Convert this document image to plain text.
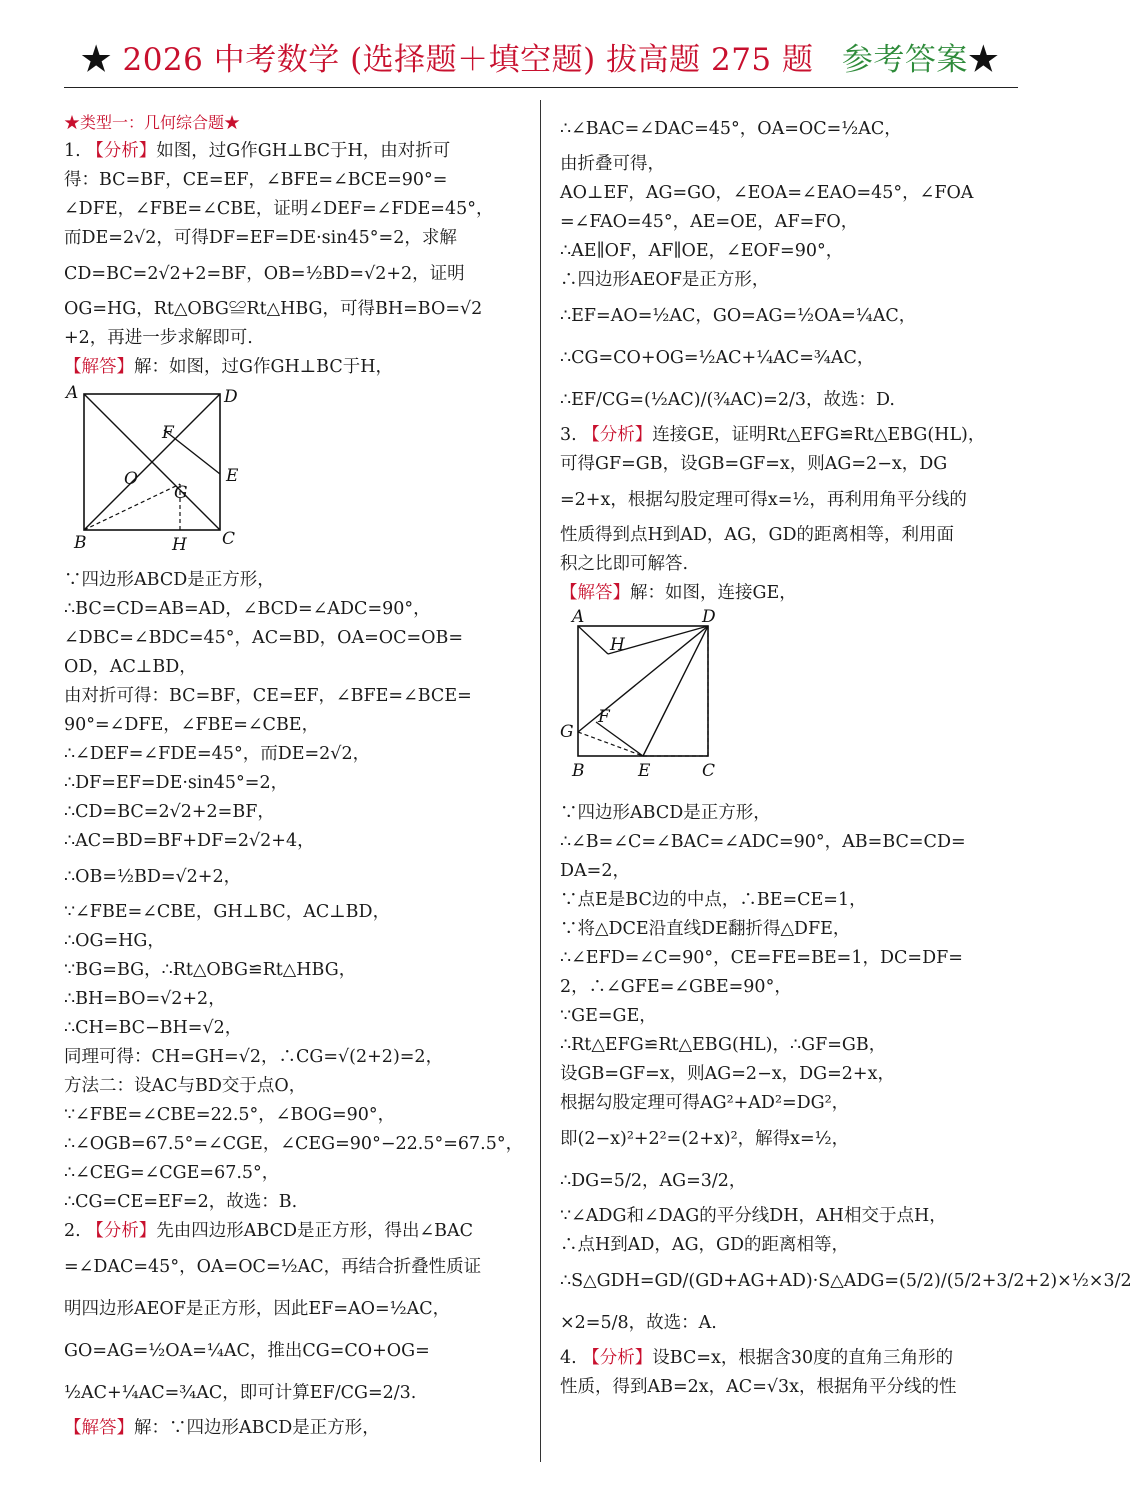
★ 2026 中考数学 (选择题＋填空题) 拔高题 275 题 参考答案★
★类型一：几何综合题★
1. 【分析】如图，过G作GH⊥BC于H，由对折可
得：BC=BF，CE=EF，∠BFE=∠BCE=90°=
∠DFE，∠FBE=∠CBE，证明∠DEF=∠FDE=45°，
而DE=2√2，可得DF=EF=DE·sin45°=2，求解
CD=BC=2√2+2=BF，OB=½BD=√2+2，证明
OG=HG，Rt△OBG≌Rt△HBG，可得BH=BO=√2
+2，再进一步求解即可.
【解答】解：如图，过G作GH⊥BC于H，
A	D
F
O
G
E
B	H C
∵四边形ABCD是正方形，
∴BC=CD=AB=AD，∠BCD=∠ADC=90°，
∠DBC=∠BDC=45°，AC=BD，OA=OC=OB=
OD，AC⊥BD，
由对折可得：BC=BF，CE=EF，∠BFE=∠BCE=
90°=∠DFE，∠FBE=∠CBE，
∴∠DEF=∠FDE=45°，而DE=2√2，
∴DF=EF=DE·sin45°=2，
∴CD=BC=2√2+2=BF，
∴AC=BD=BF+DF=2√2+4，
∴OB=½BD=√2+2，
∵∠FBE=∠CBE，GH⊥BC，AC⊥BD，
∴OG=HG，
∵BG=BG，∴Rt△OBG≌Rt△HBG，
∴BH=BO=√2+2，
∴CH=BC−BH=√2，
同理可得：CH=GH=√2，∴CG=√(2+2)=2，
方法二：设AC与BD交于点O，
∵∠FBE=∠CBE=22.5°，∠BOG=90°，
∴∠OGB=67.5°=∠CGE，∠CEG=90°−22.5°=67.5°，
∴∠CEG=∠CGE=67.5°，
∴CG=CE=EF=2，故选：B.
2. 【分析】先由四边形ABCD是正方形，得出∠BAC
=∠DAC=45°，OA=OC=½AC，再结合折叠性质证
明四边形AEOF是正方形，因此EF=AO=½AC，
GO=AG=½OA=¼AC，推出CG=CO+OG=
½AC+¼AC=¾AC，即可计算EF/CG=2/3.
【解答】解：∵四边形ABCD是正方形，
∴∠BAC=∠DAC=45°，OA=OC=½AC，
由折叠可得，
AO⊥EF，AG=GO，∠EOA=∠EAO=45°，∠FOA
=∠FAO=45°，AE=OE，AF=FO，
∴AE∥OF，AF∥OE，∠EOF=90°，
∴四边形AEOF是正方形，
∴EF=AO=½AC，GO=AG=½OA=¼AC，
∴CG=CO+OG=½AC+¼AC=¾AC，
∴EF/CG=(½AC)/(¾AC)=2/3，故选：D.
3. 【分析】连接GE，证明Rt△EFG≌Rt△EBG(HL)，
可得GF=GB，设GB=GF=x，则AG=2−x，DG
=2+x，根据勾股定理可得x=½，再利用角平分线的
性质得到点H到AD，AG，GD的距离相等，利用面
积之比即可解答.
【解答】解：如图，连接GE，
A	D
H
G
F
B	E	C
∵四边形ABCD是正方形，
∴∠B=∠C=∠BAC=∠ADC=90°，AB=BC=CD=
DA=2，
∵点E是BC边的中点，∴BE=CE=1，
∵将△DCE沿直线DE翻折得△DFE，
∴∠EFD=∠C=90°，CE=FE=BE=1，DC=DF=
2，∴∠GFE=∠GBE=90°，
∵GE=GE，
∴Rt△EFG≌Rt△EBG(HL)，∴GF=GB，
设GB=GF=x，则AG=2−x，DG=2+x，
根据勾股定理可得AG²+AD²=DG²，
即(2−x)²+2²=(2+x)²，解得x=½，
∴DG=5/2，AG=3/2，
∵∠ADG和∠DAG的平分线DH，AH相交于点H，
∴点H到AD，AG，GD的距离相等，
∴S△GDH=GD/(GD+AG+AD)·S△ADG=(5/2)/(5/2+3/2+2)×½×3/2
×2=5/8，故选：A.
4. 【分析】设BC=x，根据含30度的直角三角形的
性质，得到AB=2x，AC=√3x，根据角平分线的性
